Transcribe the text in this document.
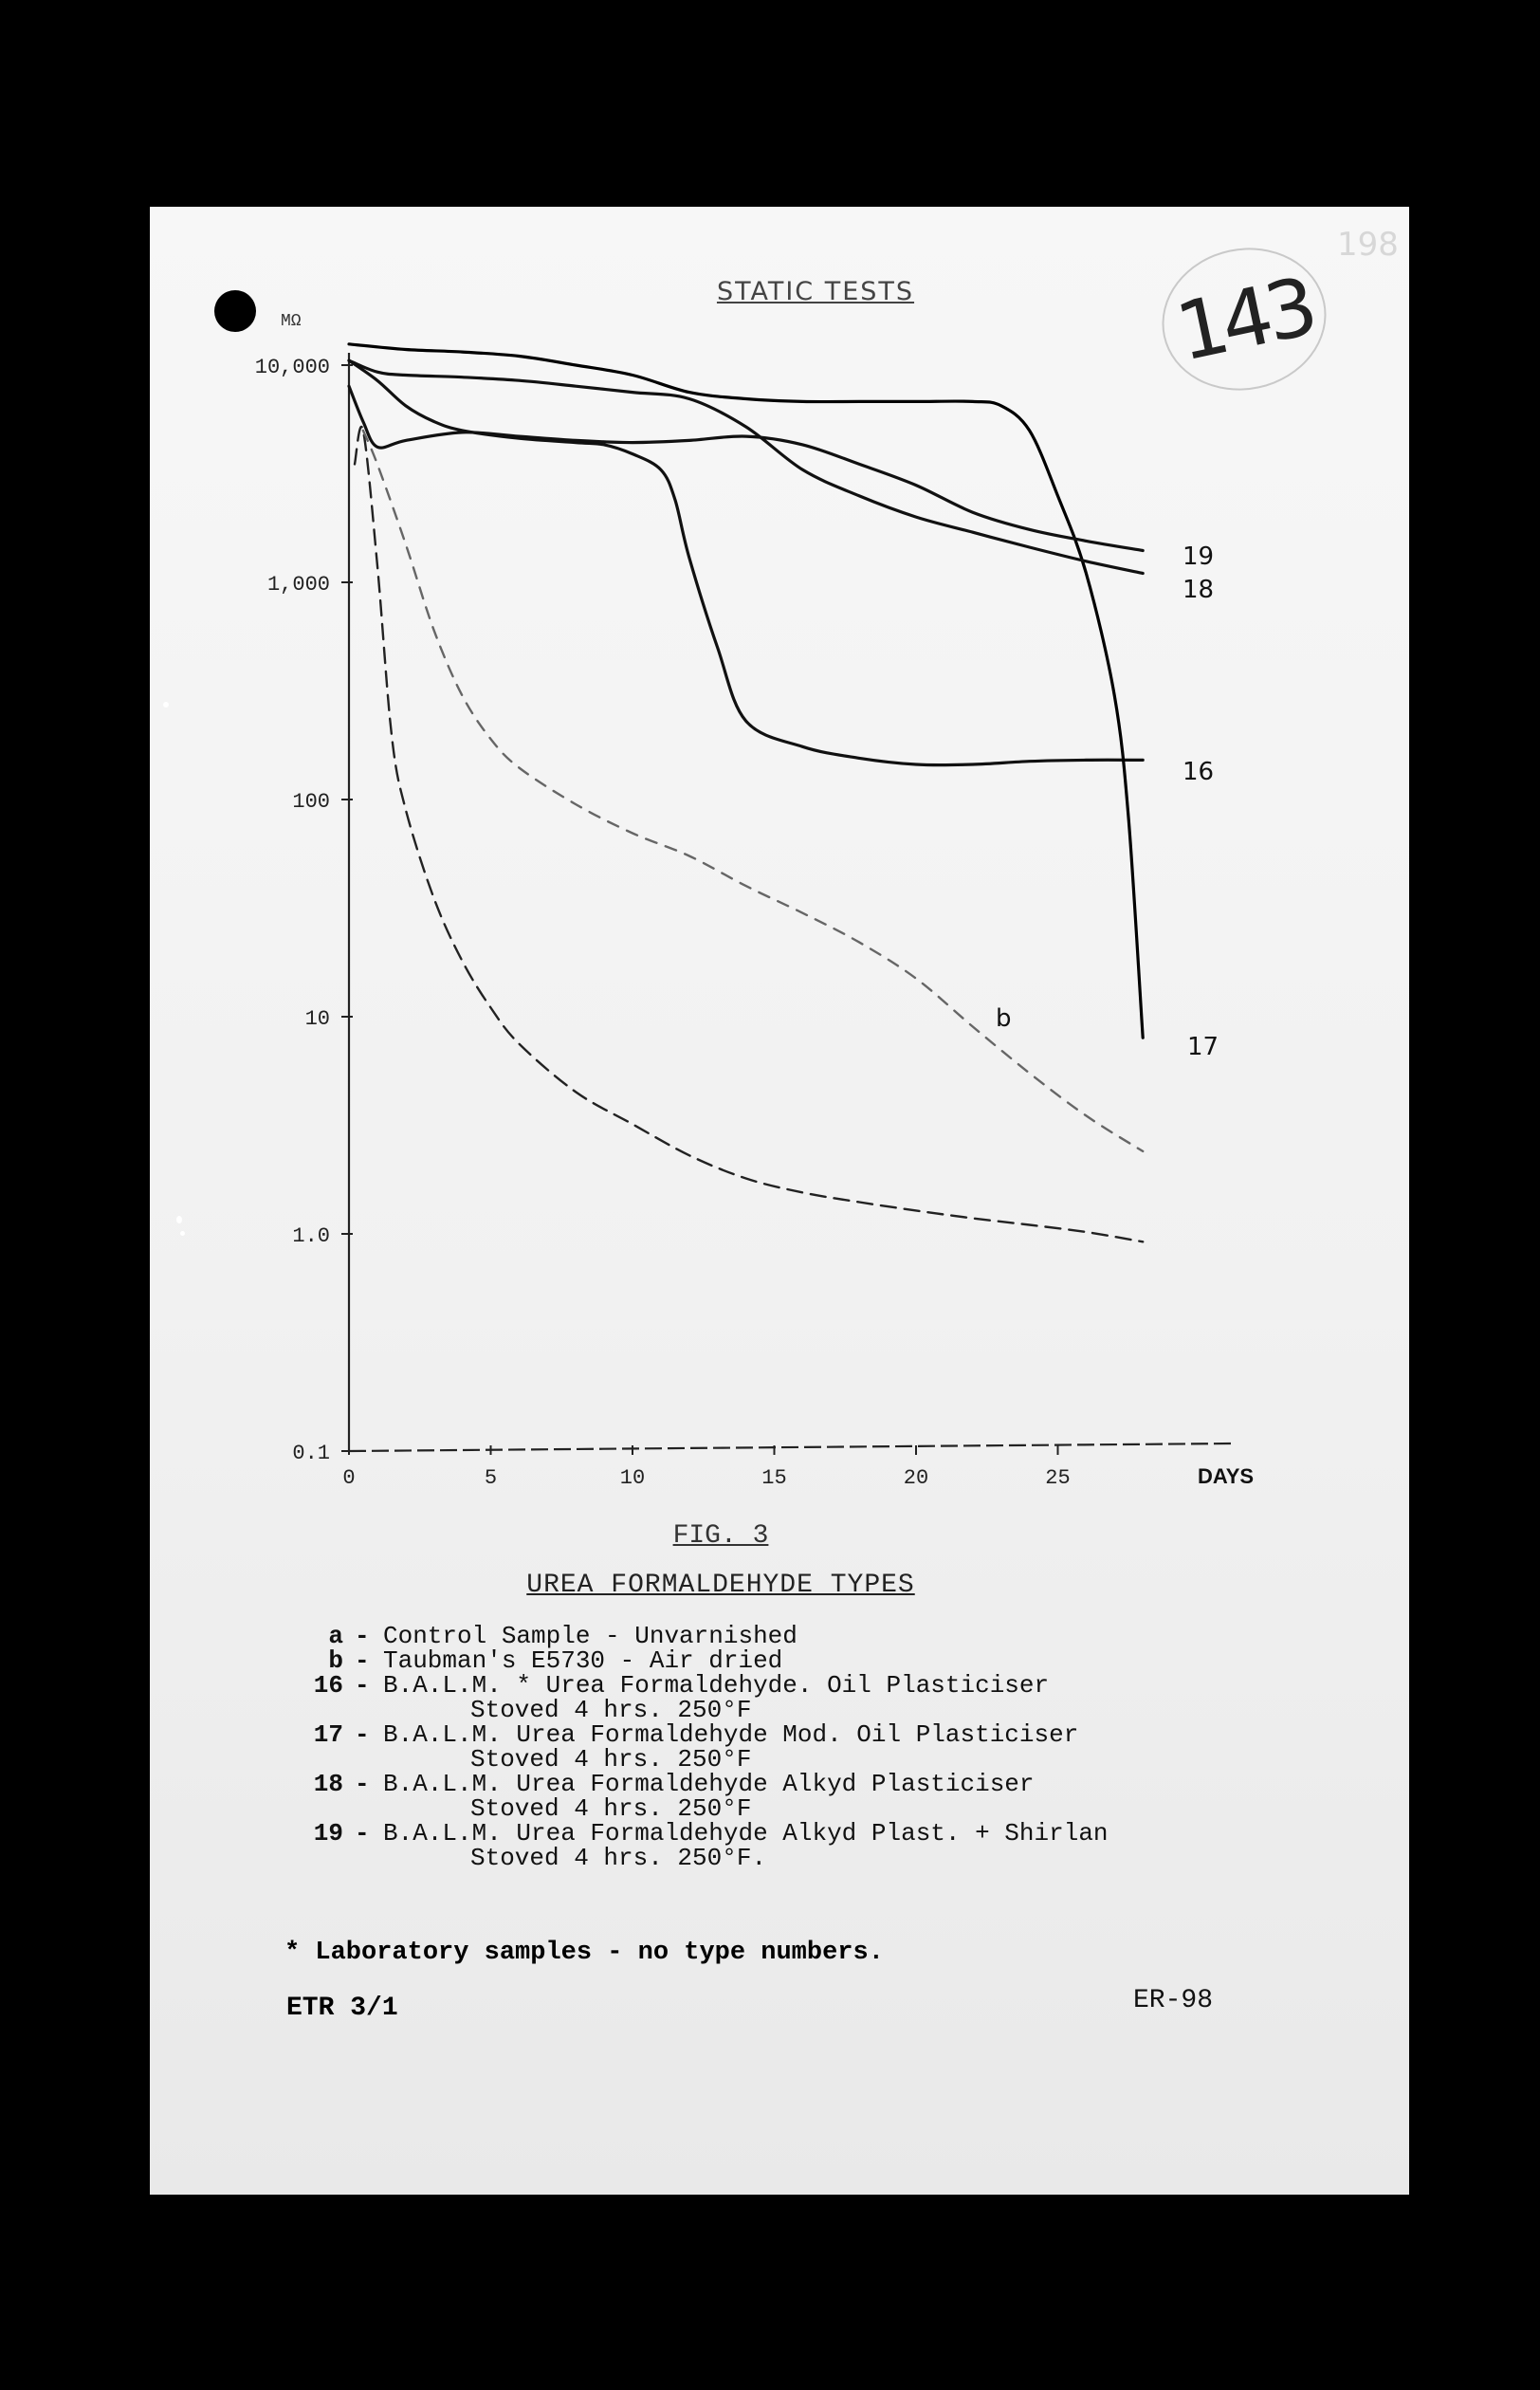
143
198
STATIC TESTS
0.1
1.0
10
100
1,000
10,000
0	5	10	15	20	25	DAYS
MΩ
b
16
17
18
19
FIG. 3
UREA FORMALDEHYDE TYPES
a - Control Sample - Unvarnished
b - Taubman's E5730 - Air dried
16 - B.A.L.M. * Urea Formaldehyde. Oil Plasticiser
Stoved 4 hrs. 250°F
17 - B.A.L.M. Urea Formaldehyde Mod. Oil Plasticiser
Stoved 4 hrs. 250°F
18 - B.A.L.M. Urea Formaldehyde Alkyd Plasticiser
Stoved 4 hrs. 250°F
19 - B.A.L.M. Urea Formaldehyde Alkyd Plast. + Shirlan
Stoved 4 hrs. 250°F.
* Laboratory samples - no type numbers.
ETR 3/1	ER-98
